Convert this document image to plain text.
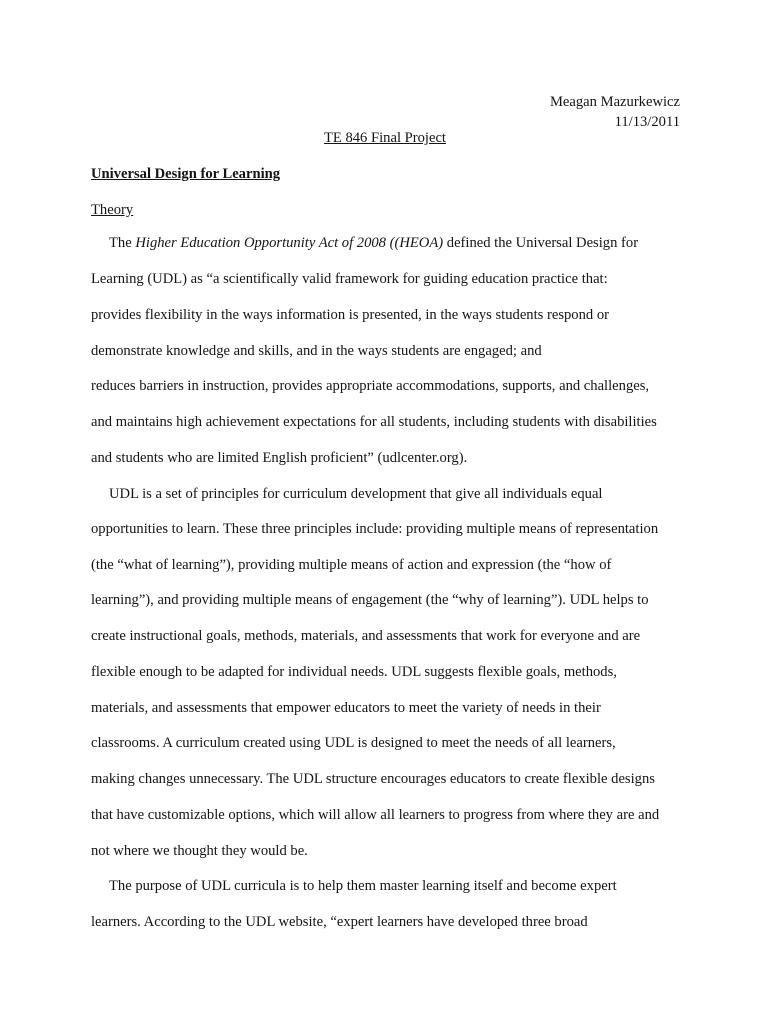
Meagan Mazurkewicz
11/13/2011
TE 846 Final Project
Universal Design for Learning
Theory
The Higher Education Opportunity Act of 2008 ((HEOA) defined the Universal Design for
Learning (UDL) as “a scientifically valid framework for guiding education practice that:
provides flexibility in the ways information is presented, in the ways students respond or
demonstrate knowledge and skills, and in the ways students are engaged; and
reduces barriers in instruction, provides appropriate accommodations, supports, and challenges,
and maintains high achievement expectations for all students, including students with disabilities
and students who are limited English proficient” (udlcenter.org).
UDL is a set of principles for curriculum development that give all individuals equal
opportunities to learn. These three principles include: providing multiple means of representation
(the “what of learning”), providing multiple means of action and expression (the “how of
learning”), and providing multiple means of engagement (the “why of learning”). UDL helps to
create instructional goals, methods, materials, and assessments that work for everyone and are
flexible enough to be adapted for individual needs. UDL suggests flexible goals, methods,
materials, and assessments that empower educators to meet the variety of needs in their
classrooms. A curriculum created using UDL is designed to meet the needs of all learners,
making changes unnecessary. The UDL structure encourages educators to create flexible designs
that have customizable options, which will allow all learners to progress from where they are and
not where we thought they would be.
The purpose of UDL curricula is to help them master learning itself and become expert
learners. According to the UDL website, “expert learners have developed three broad
